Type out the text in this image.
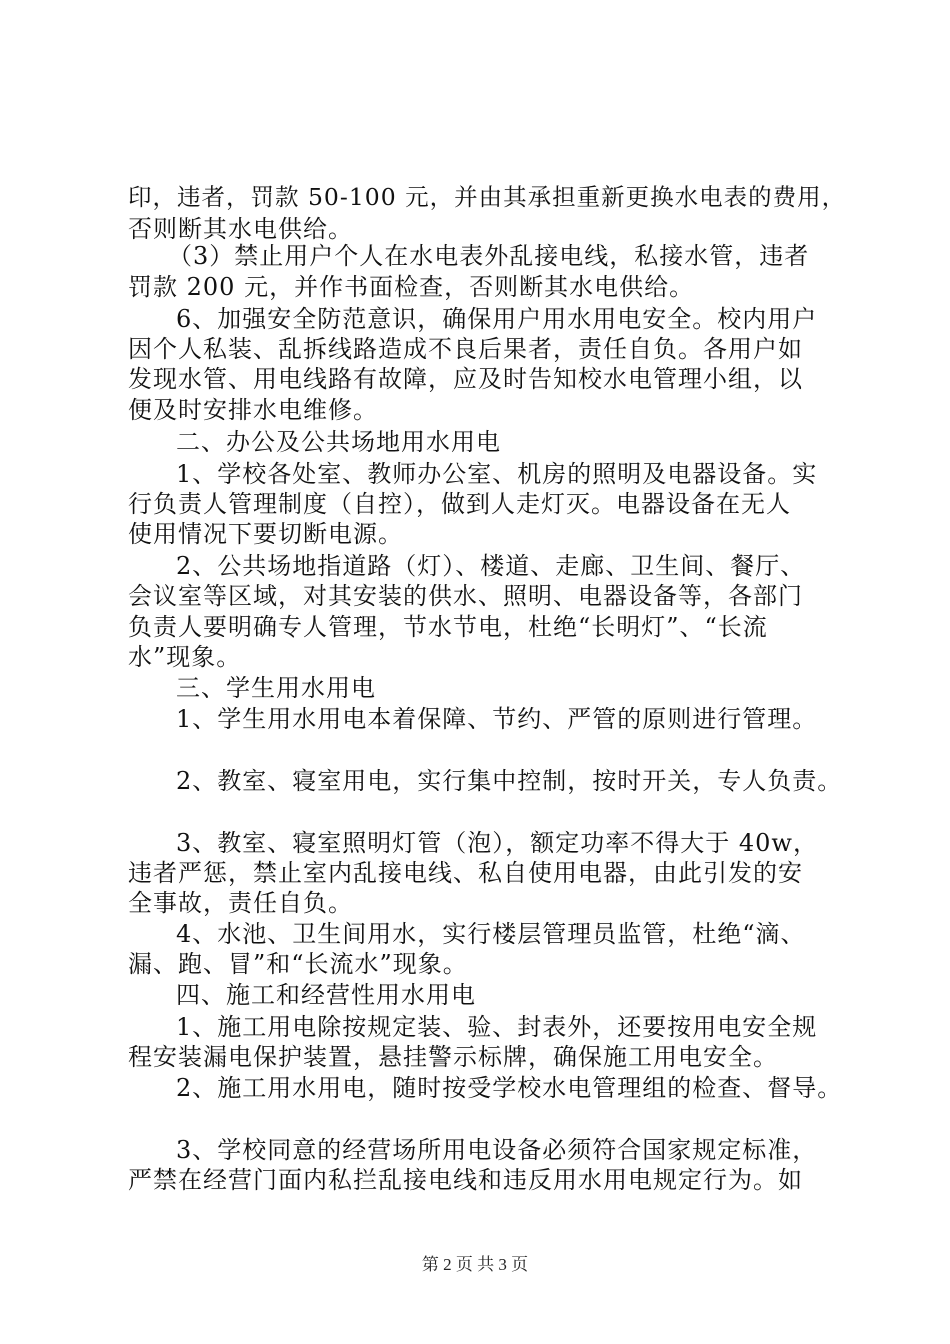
印，违者，罚款 50-100 元，并由其承担重新更换水电表的费用，
否则断其水电供给。
（3）禁止用户个人在水电表外乱接电线，私接水管，违者
罚款 200 元，并作书面检查，否则断其水电供给。
6、加强安全防范意识，确保用户用水用电安全。校内用户
因个人私装、乱拆线路造成不良后果者，责任自负。各用户如
发现水管、用电线路有故障，应及时告知校水电管理小组，以
便及时安排水电维修。
二、办公及公共场地用水用电
1、学校各处室、教师办公室、机房的照明及电器设备。实
行负责人管理制度（自控），做到人走灯灭。电器设备在无人
使用情况下要切断电源。
2、公共场地指道路（灯）、楼道、走廊、卫生间、餐厅、
会议室等区域，对其安装的供水、照明、电器设备等，各部门
负责人要明确专人管理，节水节电，杜绝“长明灯”、“长流
水”现象。
三、学生用水用电
1、学生用水用电本着保障、节约、严管的原则进行管理。
2、教室、寝室用电，实行集中控制，按时开关，专人负责。
3、教室、寝室照明灯管（泡），额定功率不得大于 40w，
违者严惩，禁止室内乱接电线、私自使用电器，由此引发的安
全事故，责任自负。
4、水池、卫生间用水，实行楼层管理员监管，杜绝“滴、
漏、跑、冒”和“长流水”现象。
四、施工和经营性用水用电
1、施工用电除按规定装、验、封表外，还要按用电安全规
程安装漏电保护装置，悬挂警示标牌，确保施工用电安全。
2、施工用水用电，随时按受学校水电管理组的检查、督导。
3、学校同意的经营场所用电设备必须符合国家规定标准，
严禁在经营门面内私拦乱接电线和违反用水用电规定行为。如
第 2 页 共 3 页
